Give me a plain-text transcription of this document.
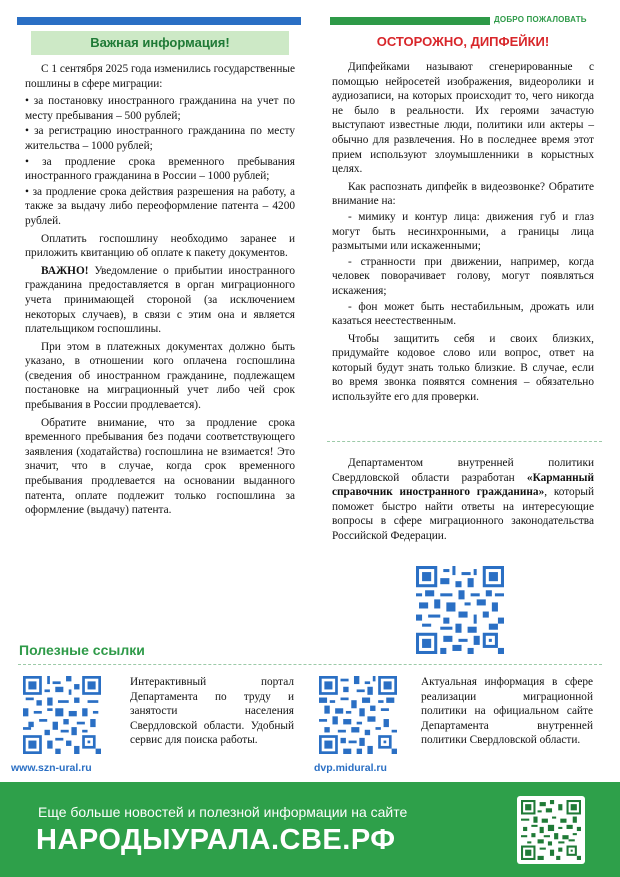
ДОБРО ПОЖАЛОВАТЬ
Важная информация!

С 1 сентября 2025 года изменились государственные пошлины в сфере миграции:

• за постановку иностранного гражданина на учет по месту пребывания – 500 рублей;

• за регистрацию иностранного гражданина по месту жительства – 1000 рублей;

• за продление срока временного пребывания иностранного гражданина в России – 1000 рублей;

• за продление срока действия разрешения на работу, а также за выдачу либо переоформление патента – 4200 рублей.

Оплатить госпошлину необходимо заранее и приложить квитанцию об оплате к пакету документов.

ВАЖНО! Уведомление о прибытии иностранного гражданина предоставляется в орган миграционного учета принимающей стороной (за исключением некоторых случаев), в связи с этим она и является плательщиком госпошлины.

При этом в платежных документах должно быть указано, в отношении кого оплачена госпошлина (сведения об иностранном гражданине, подлежащем постановке на миграционный учет либо чей срок пребывания в России продлевается).

Обратите внимание, что за продление срока временного пребывания без подачи соответствующего заявления (ходатайства) госпошлина не взимается! Это значит, что в случае, когда срок временного пребывания продлевается на основании выданного патента, оплате подлежит только госпошлина за оформление (выдачу) патента.

ОСТОРОЖНО, ДИПФЕЙКИ!

Дипфейками называют сгенерированные с помощью нейросетей изображения, видеоролики и аудиозаписи, на которых происходит то, чего никогда не было в реальности. Их героями зачастую выступают известные люди, политики или актеры – обычно для развлечения. Но в последнее время этот прием используют злоумышленники в корыстных целях.

Как распознать дипфейк в видеозвонке? Обратите внимание на:

- мимику и контур лица: движения губ и глаз могут быть несинхронными, а границы лица размытыми или искаженными;

- странности при движении, например, когда человек поворачивает голову, могут появляться искажения;

- фон может быть нестабильным, дрожать или казаться неестественным.

Чтобы защитить себя и своих близких, придумайте кодовое слово или вопрос, ответ на который будут знать только близкие. В случае, если во время звонка появятся сомнения – обязательно используйте его для проверки.

Департаментом внутренней политики Свердловской области разработан «Карманный справочник иностранного гражданина», который поможет быстро найти ответы на интересующие вопросы в сфере миграционного законодательства Российской Федерации.

Полезные ссылки
www.szn-ural.ru
Интерактивный портал Департамента по труду и занятости населения Свердловской области. Удобный сервис для поиска работы.
dvp.midural.ru
Актуальная информация в сфере реализации миграционной политики на официальном сайте Департамента внутренней политики Свердловской области.
Еще больше новостей и полезной информации на сайте
НАРОДЫУРАЛА.СВЕ.РФ
